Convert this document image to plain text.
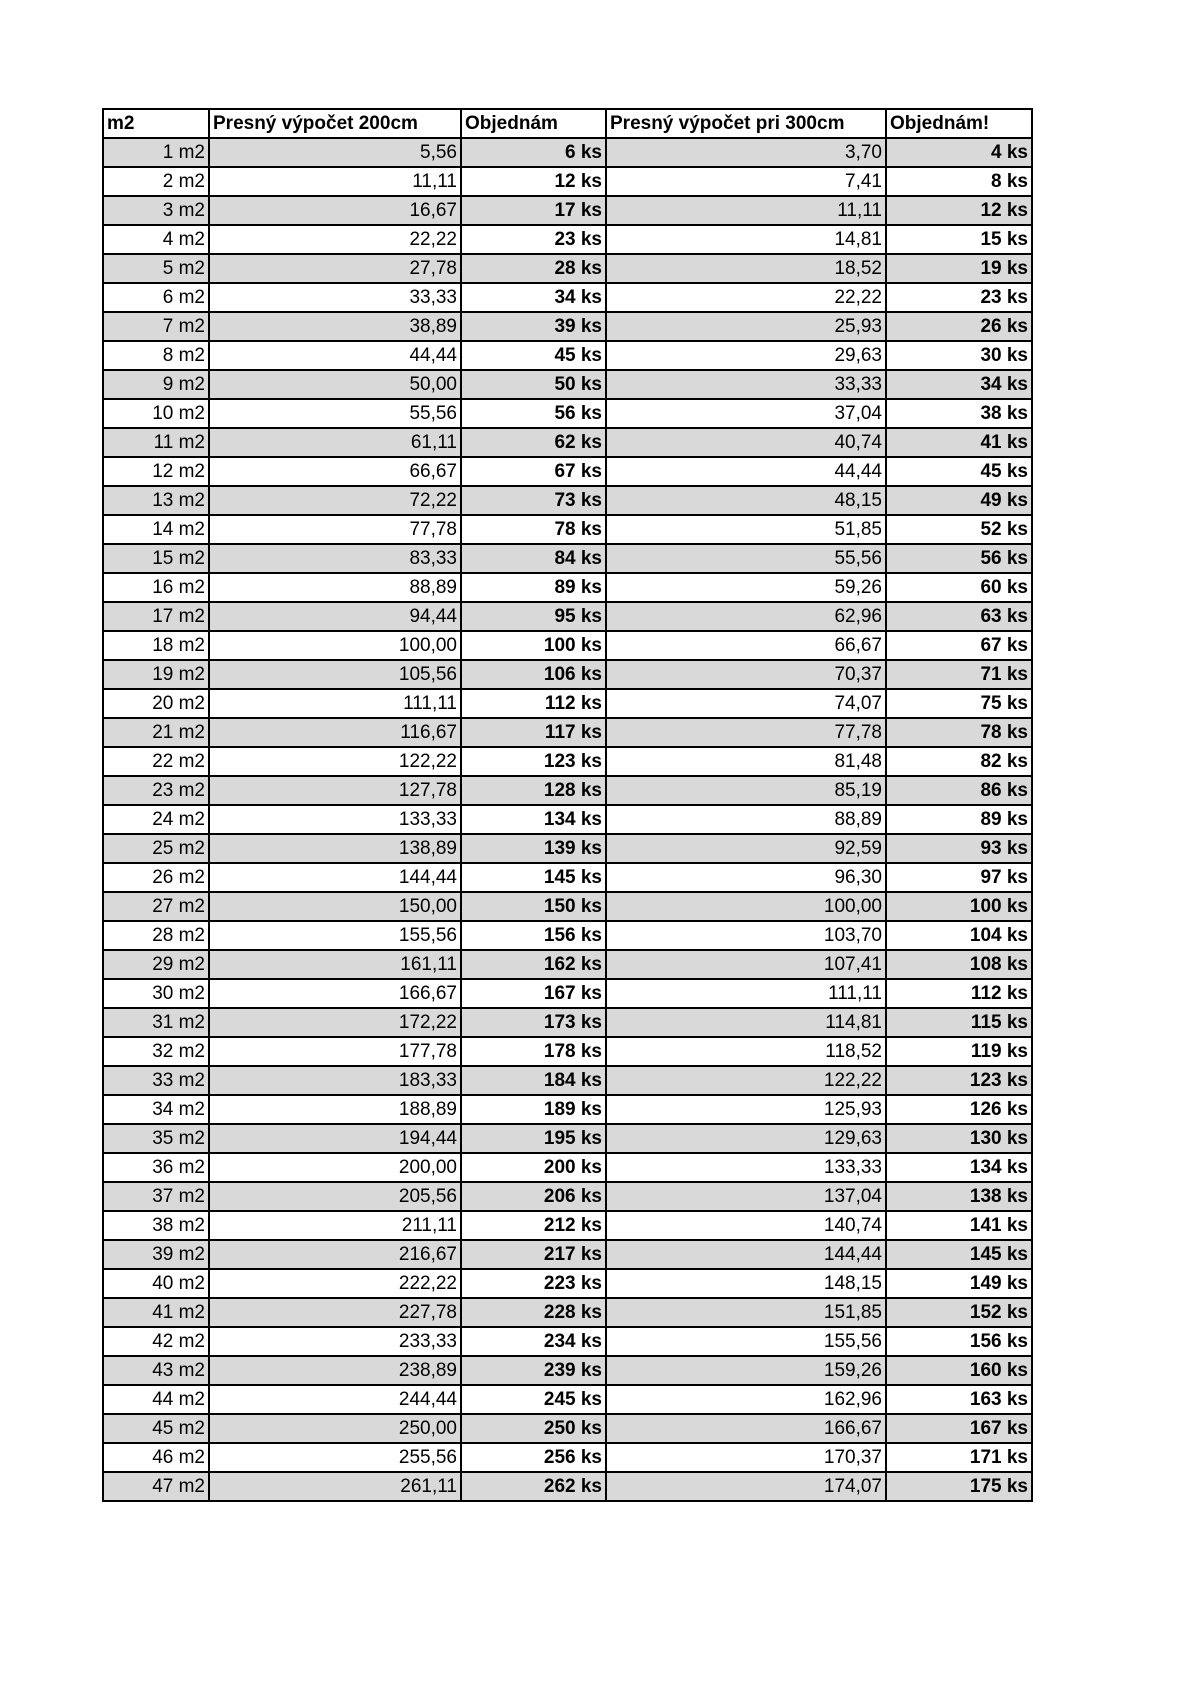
m2	Presný výpočet 200cm	Objednám	Presný výpočet pri 300cm	Objednám!
1 m2	5,56	6 ks	3,70	4 ks
2 m2	11,11	12 ks	7,41	8 ks
3 m2	16,67	17 ks	11,11	12 ks
4 m2	22,22	23 ks	14,81	15 ks
5 m2	27,78	28 ks	18,52	19 ks
6 m2	33,33	34 ks	22,22	23 ks
7 m2	38,89	39 ks	25,93	26 ks
8 m2	44,44	45 ks	29,63	30 ks
9 m2	50,00	50 ks	33,33	34 ks
10 m2	55,56	56 ks	37,04	38 ks
11 m2	61,11	62 ks	40,74	41 ks
12 m2	66,67	67 ks	44,44	45 ks
13 m2	72,22	73 ks	48,15	49 ks
14 m2	77,78	78 ks	51,85	52 ks
15 m2	83,33	84 ks	55,56	56 ks
16 m2	88,89	89 ks	59,26	60 ks
17 m2	94,44	95 ks	62,96	63 ks
18 m2	100,00	100 ks	66,67	67 ks
19 m2	105,56	106 ks	70,37	71 ks
20 m2	111,11	112 ks	74,07	75 ks
21 m2	116,67	117 ks	77,78	78 ks
22 m2	122,22	123 ks	81,48	82 ks
23 m2	127,78	128 ks	85,19	86 ks
24 m2	133,33	134 ks	88,89	89 ks
25 m2	138,89	139 ks	92,59	93 ks
26 m2	144,44	145 ks	96,30	97 ks
27 m2	150,00	150 ks	100,00	100 ks
28 m2	155,56	156 ks	103,70	104 ks
29 m2	161,11	162 ks	107,41	108 ks
30 m2	166,67	167 ks	111,11	112 ks
31 m2	172,22	173 ks	114,81	115 ks
32 m2	177,78	178 ks	118,52	119 ks
33 m2	183,33	184 ks	122,22	123 ks
34 m2	188,89	189 ks	125,93	126 ks
35 m2	194,44	195 ks	129,63	130 ks
36 m2	200,00	200 ks	133,33	134 ks
37 m2	205,56	206 ks	137,04	138 ks
38 m2	211,11	212 ks	140,74	141 ks
39 m2	216,67	217 ks	144,44	145 ks
40 m2	222,22	223 ks	148,15	149 ks
41 m2	227,78	228 ks	151,85	152 ks
42 m2	233,33	234 ks	155,56	156 ks
43 m2	238,89	239 ks	159,26	160 ks
44 m2	244,44	245 ks	162,96	163 ks
45 m2	250,00	250 ks	166,67	167 ks
46 m2	255,56	256 ks	170,37	171 ks
47 m2	261,11	262 ks	174,07	175 ks
